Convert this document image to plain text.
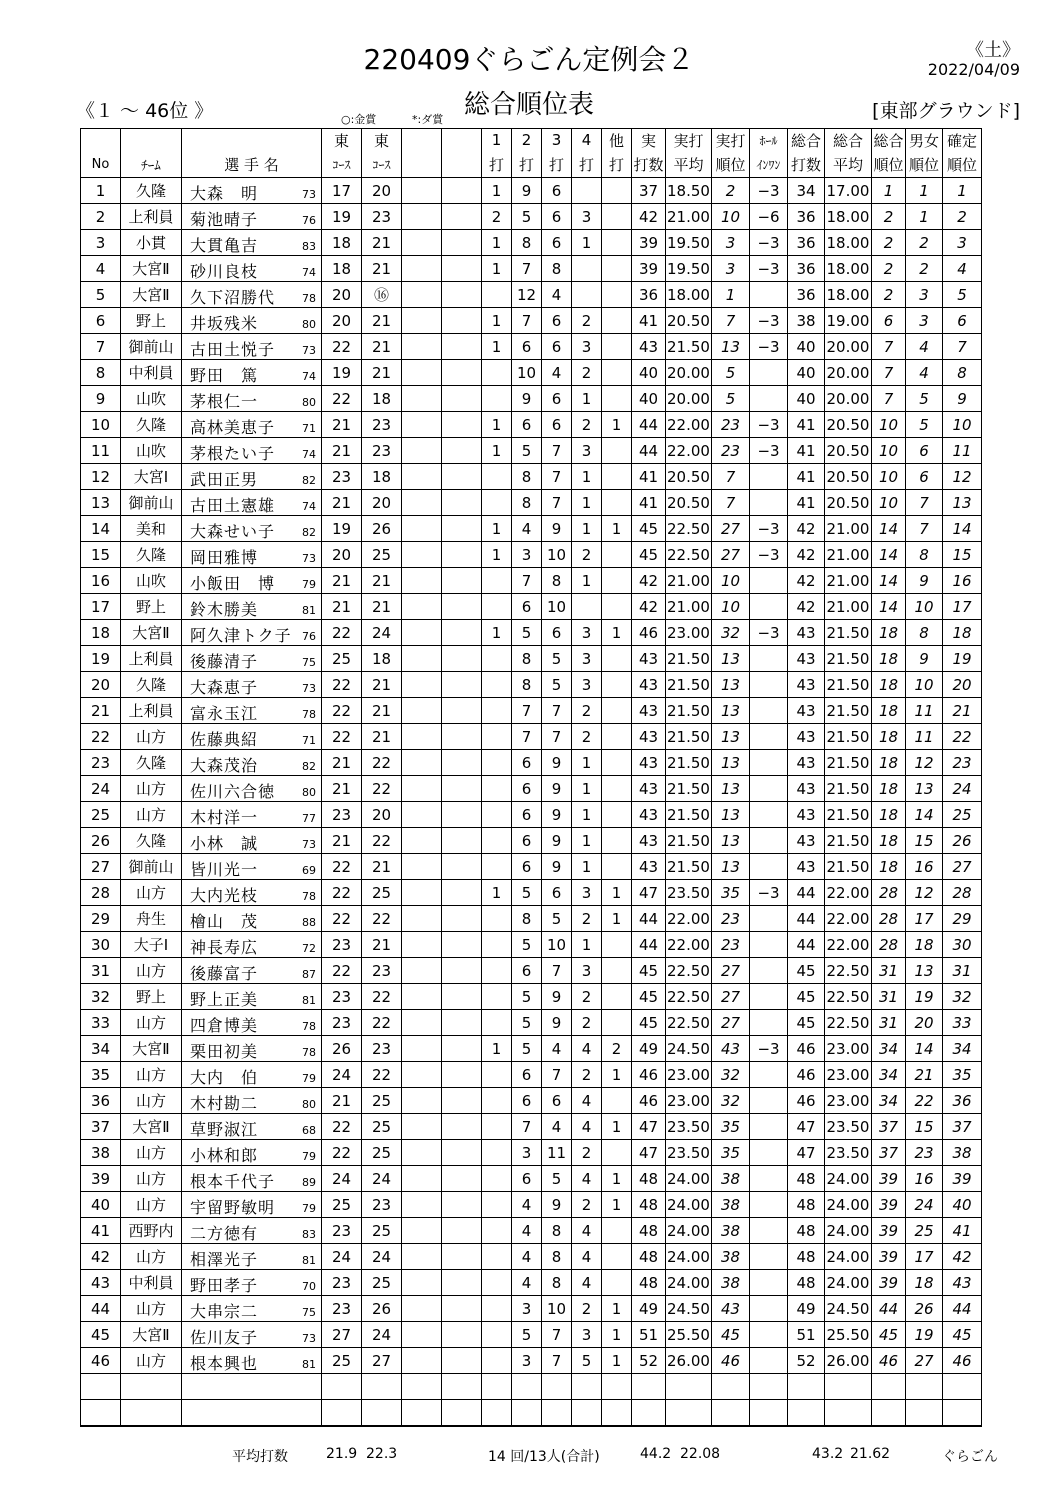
220409ぐらごん定例会２
総合順位表
《土》
2022/04/09
《１ ～ 46位 》	[東部グラウンド]
○:金賞	*:ダ賞
			東	東			1	2	3	4	他	実	実打	実打	ﾎｰﾙ	総合	総合	総合	男女	確定
No	ﾁｰﾑ	選 手 名	ｺｰｽ	ｺｰｽ			打	打	打	打	打	打数	平均	順位	ｲﾝﾜﾝ	打数	平均	順位	順位	順位
1	久隆	大森　明 73	17	20			1	9	6			37	18.50	2	−3	34	17.00	1	1	1
2	上利員	菊池晴子 76	19	23			2	5	6	3		42	21.00	10	−6	36	18.00	2	1	2
3	小貫	大貫亀吉 83	18	21			1	8	6	1		39	19.50	3	−3	36	18.00	2	2	3
4	大宮Ⅱ	砂川良枝 74	18	21			1	7	8			39	19.50	3	−3	36	18.00	2	2	4
5	大宮Ⅱ	久下沼勝代 78	20	⑯				12	4			36	18.00	1		36	18.00	2	3	5
6	野上	井坂残米 80	20	21			1	7	6	2		41	20.50	7	−3	38	19.00	6	3	6
7	御前山	古田土悦子 73	22	21			1	6	6	3		43	21.50	13	−3	40	20.00	7	4	7
8	中利員	野田　篤 74	19	21				10	4	2		40	20.00	5		40	20.00	7	4	8
9	山吹	茅根仁一 80	22	18				9	6	1		40	20.00	5		40	20.00	7	5	9
10	久隆	高林美恵子 71	21	23			1	6	6	2	1	44	22.00	23	−3	41	20.50	10	5	10
11	山吹	茅根たい子 74	21	23			1	5	7	3		44	22.00	23	−3	41	20.50	10	6	11
12	大宮Ⅰ	武田正男 82	23	18				8	7	1		41	20.50	7		41	20.50	10	6	12
13	御前山	古田土憲雄 74	21	20				8	7	1		41	20.50	7		41	20.50	10	7	13
14	美和	大森せい子 82	19	26			1	4	9	1	1	45	22.50	27	−3	42	21.00	14	7	14
15	久隆	岡田雅博 73	20	25			1	3	10	2		45	22.50	27	−3	42	21.00	14	8	15
16	山吹	小飯田　博 79	21	21				7	8	1		42	21.00	10		42	21.00	14	9	16
17	野上	鈴木勝美 81	21	21				6	10			42	21.00	10		42	21.00	14	10	17
18	大宮Ⅱ	阿久津トク子 76	22	24			1	5	6	3	1	46	23.00	32	−3	43	21.50	18	8	18
19	上利員	後藤清子 75	25	18				8	5	3		43	21.50	13		43	21.50	18	9	19
20	久隆	大森恵子 73	22	21				8	5	3		43	21.50	13		43	21.50	18	10	20
21	上利員	富永玉江 78	22	21				7	7	2		43	21.50	13		43	21.50	18	11	21
22	山方	佐藤典紹 71	22	21				7	7	2		43	21.50	13		43	21.50	18	11	22
23	久隆	大森茂治 82	21	22				6	9	1		43	21.50	13		43	21.50	18	12	23
24	山方	佐川六合徳 80	21	22				6	9	1		43	21.50	13		43	21.50	18	13	24
25	山方	木村洋一 77	23	20				6	9	1		43	21.50	13		43	21.50	18	14	25
26	久隆	小林　誠 73	21	22				6	9	1		43	21.50	13		43	21.50	18	15	26
27	御前山	皆川光一 69	22	21				6	9	1		43	21.50	13		43	21.50	18	16	27
28	山方	大内光枝 78	22	25			1	5	6	3	1	47	23.50	35	−3	44	22.00	28	12	28
29	舟生	檜山　茂 88	22	22				8	5	2	1	44	22.00	23		44	22.00	28	17	29
30	大子Ⅰ	神長寿広 72	23	21				5	10	1		44	22.00	23		44	22.00	28	18	30
31	山方	後藤富子 87	22	23				6	7	3		45	22.50	27		45	22.50	31	13	31
32	野上	野上正美 81	23	22				5	9	2		45	22.50	27		45	22.50	31	19	32
33	山方	四倉博美 78	23	22				5	9	2		45	22.50	27		45	22.50	31	20	33
34	大宮Ⅱ	栗田初美 78	26	23			1	5	4	4	2	49	24.50	43	−3	46	23.00	34	14	34
35	山方	大内　伯 79	24	22				6	7	2	1	46	23.00	32		46	23.00	34	21	35
36	山方	木村勘二 80	21	25				6	6	4		46	23.00	32		46	23.00	34	22	36
37	大宮Ⅱ	草野淑江 68	22	25				7	4	4	1	47	23.50	35		47	23.50	37	15	37
38	山方	小林和郎 79	22	25				3	11	2		47	23.50	35		47	23.50	37	23	38
39	山方	根本千代子 89	24	24				6	5	4	1	48	24.00	38		48	24.00	39	16	39
40	山方	宇留野敏明 79	25	23				4	9	2	1	48	24.00	38		48	24.00	39	24	40
41	西野内	二方徳有 83	23	25				4	8	4		48	24.00	38		48	24.00	39	25	41
42	山方	相澤光子 81	24	24				4	8	4		48	24.00	38		48	24.00	39	17	42
43	中利員	野田孝子 70	23	25				4	8	4		48	24.00	38		48	24.00	39	18	43
44	山方	大串宗二 75	23	26				3	10	2	1	49	24.50	43		49	24.50	44	26	44
45	大宮Ⅱ	佐川友子 73	27	24				5	7	3	1	51	25.50	45		51	25.50	45	19	45
46	山方	根本興也 81	25	27				3	7	5	1	52	26.00	46		52	26.00	46	27	46

平均打数	21.9 22.3	14 回/13人(合計)	44.2 22.08	43.2 21.62	ぐらごん
